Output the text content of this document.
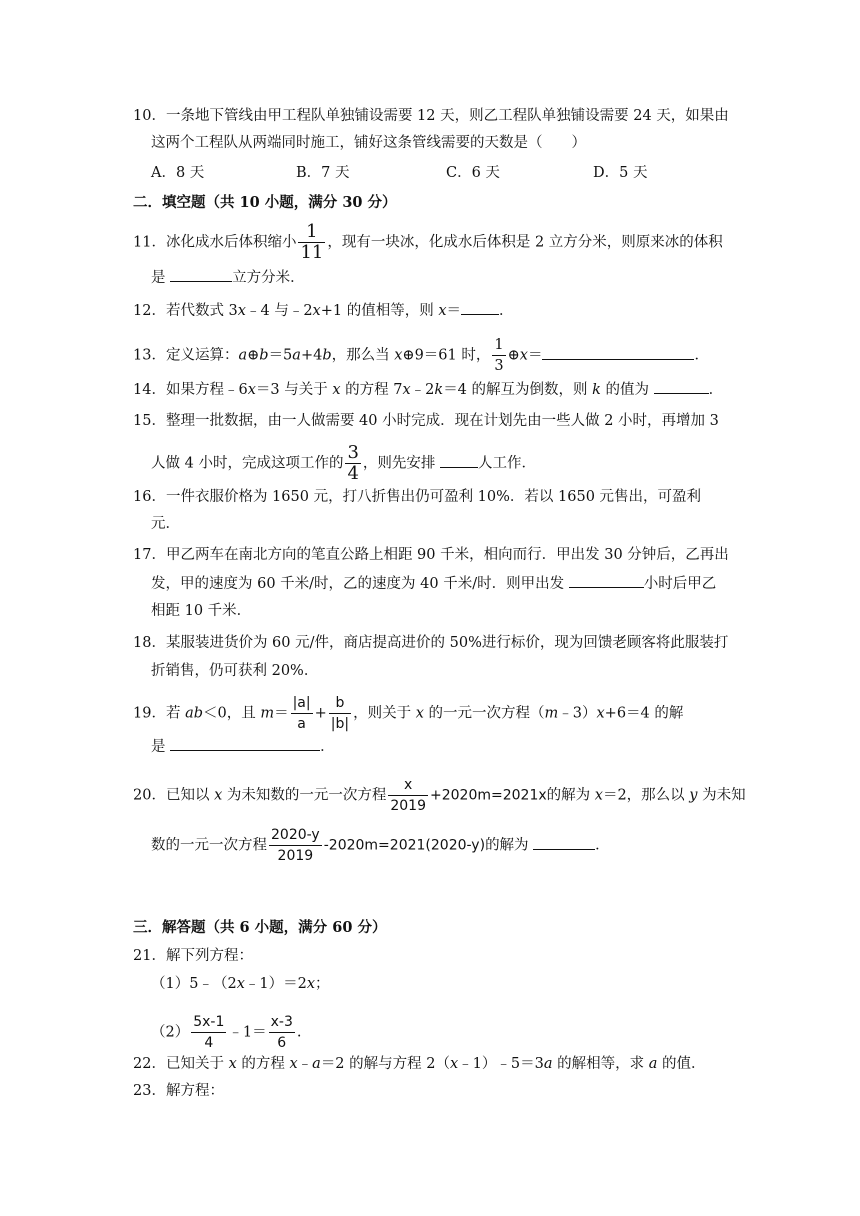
10．一条地下管线由甲工程队单独铺设需要 12 天，则乙工程队单独铺设需要 24 天，如果由
这两个工程队从两端同时施工，铺好这条管线需要的天数是（　　）
A．8 天	B．7 天	C．6 天	D．5 天
二．填空题（共 10 小题，满分 30 分）
11．冰化成水后体积缩小 $\frac{1}{11}$ ，现有一块冰，化成水后体积是 2 立方分米，则原来冰的体积
是	立方分米．
12．若代数式 3x﹣4 与﹣2x+1 的值相等，则 x＝	．
13．定义运算：a⊕b＝5a+4b，那么当 x⊕9＝61 时， $\frac{1}{3}$ ⊕x＝	．
14．如果方程﹣6x＝3 与关于 x 的方程 7x﹣2k＝4 的解互为倒数，则 k 的值为	．
15．整理一批数据，由一人做需要 40 小时完成．现在计划先由一些人做 2 小时，再增加 3
人做 4 小时，完成这项工作的 $\frac{3}{4}$ ，则先安排	人工作．
16．一件衣服价格为 1650 元，打八折售出仍可盈利 10%．若以 1650 元售出，可盈利
元．
17．甲乙两车在南北方向的笔直公路上相距 90 千米，相向而行．甲出发 30 分钟后，乙再出
发，甲的速度为 60 千米/时，乙的速度为 40 千米/时．则甲出发	小时后甲乙
相距 10 千米．
18．某服装进货价为 60 元/件，商店提高进价的 50%进行标价，现为回馈老顾客将此服装打
折销售，仍可获利 20%．
19．若 ab＜0，且 $m= \frac{|a|}{a} + \frac{b}{|b|}$ ，则关于 x 的一元一次方程（m﹣3）x+6＝4 的解
是	．
20．已知以 x 为未知数的一元一次方程 $\frac{x}{2019} +2020m=2021x$的解为 x＝2，那么以 y 为未知
数的一元一次方程 $\frac{2020-y}{2019} -2020m=2021(2020-y)$的解为	．
三．解答题（共 6 小题，满分 60 分）
21．解下列方程：
（1）5﹣（2x﹣1）＝2x；
$(2) \frac{5x-1}{4}$ ﹣1＝ $\frac{x-3}{6}$ .
22．已知关于 x 的方程 x﹣a＝2 的解与方程 2（x﹣1）﹣5＝3a 的解相等，求 a 的值．
23．解方程：
